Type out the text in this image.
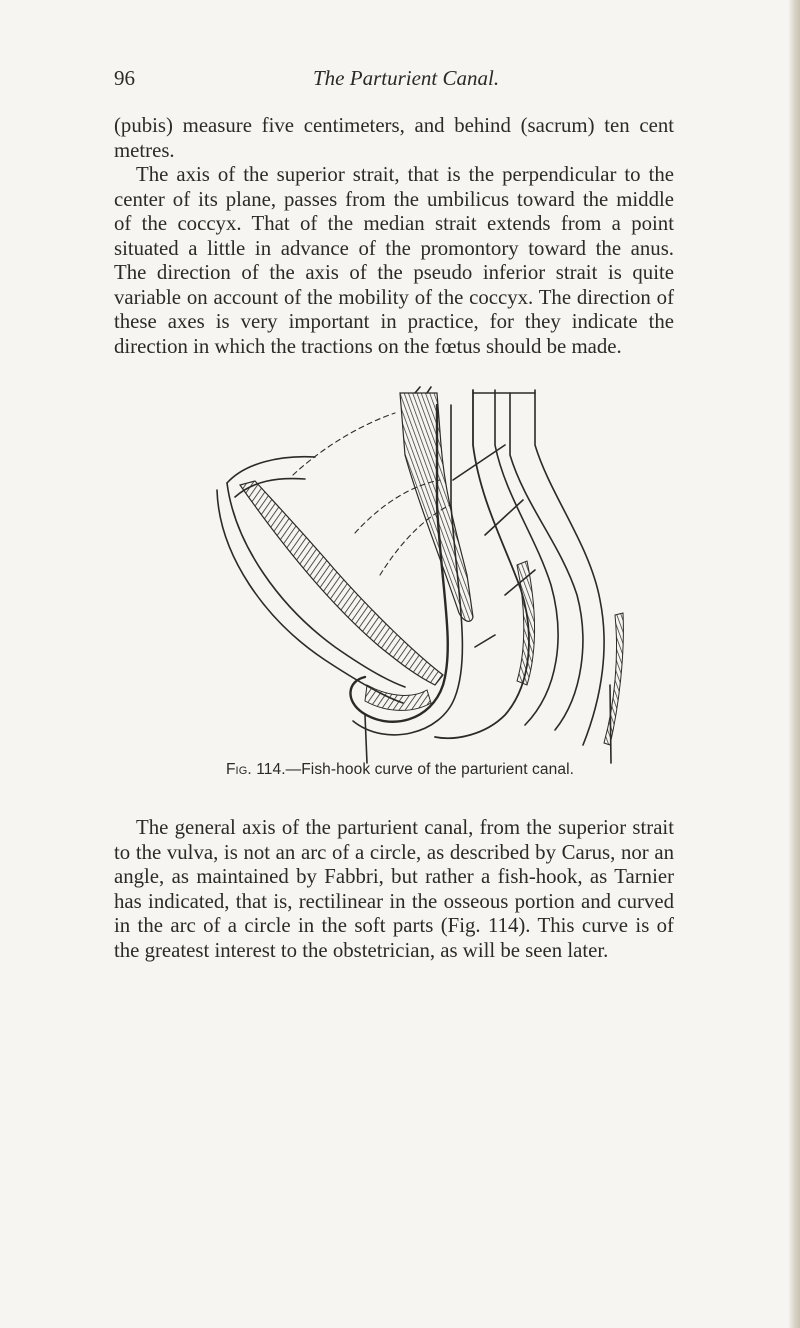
96	The Parturient Canal.

(pubis) measure five centimeters, and behind (sacrum) ten cent
metres.

The axis of the superior strait, that is the perpendicular to the
center of its plane, passes from the umbilicus toward the middle
of the coccyx. That of the median strait extends from a point
situated a little in advance of the promontory toward the anus.
The direction of the axis of the pseudo inferior strait is quite
variable on account of the mobility of the coccyx. The direction of
these axes is very important in practice, for they indicate the
direction in which the tractions on the fœtus should be made.

Fig. 114.—Fish-hook curve of the parturient canal.

The general axis of the parturient canal, from the superior strait
to the vulva, is not an arc of a circle, as described by Carus, nor an
angle, as maintained by Fabbri, but rather a fish-hook, as Tarnier
has indicated, that is, rectilinear in the osseous portion and curved
in the arc of a circle in the soft parts (Fig. 114). This curve is of
the greatest interest to the obstetrician, as will be seen later.
